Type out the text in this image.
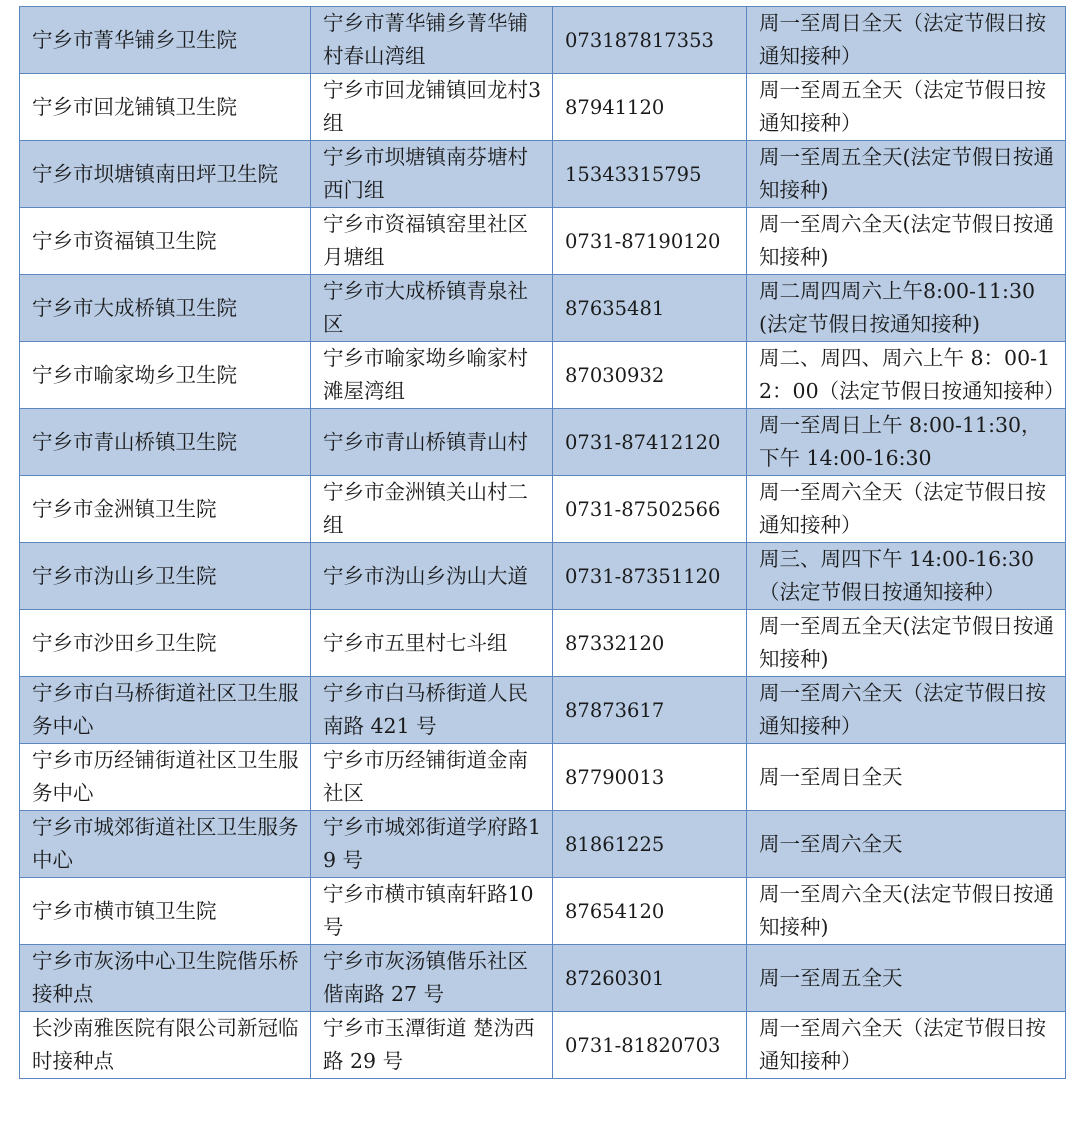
宁乡市菁华铺乡卫生院	宁乡市菁华铺乡菁华铺村春山湾组	073187817353	周一至周日全天（法定节假日按通知接种）
宁乡市回龙铺镇卫生院	宁乡市回龙铺镇回龙村3组	87941120	周一至周五全天（法定节假日按通知接种）
宁乡市坝塘镇南田坪卫生院	宁乡市坝塘镇南芬塘村西门组	15343315795	周一至周五全天(法定节假日按通知接种)
宁乡市资福镇卫生院	宁乡市资福镇窑里社区月塘组	0731-87190120	周一至周六全天(法定节假日按通知接种)
宁乡市大成桥镇卫生院	宁乡市大成桥镇青泉社区	87635481	周二周四周六上午8:00-11:30(法定节假日按通知接种)
宁乡市喻家坳乡卫生院	宁乡市喻家坳乡喻家村滩屋湾组	87030932	周二、周四、周六上午 8：00-12：00（法定节假日按通知接种）
宁乡市青山桥镇卫生院	宁乡市青山桥镇青山村	0731-87412120	周一至周日上午 8:00-11:30，下午 14:00-16:30
宁乡市金洲镇卫生院	宁乡市金洲镇关山村二组	0731-87502566	周一至周六全天（法定节假日按通知接种）
宁乡市沩山乡卫生院	宁乡市沩山乡沩山大道	0731-87351120	周三、周四下午 14:00-16:30（法定节假日按通知接种）
宁乡市沙田乡卫生院	宁乡市五里村七斗组	87332120	周一至周五全天(法定节假日按通知接种)
宁乡市白马桥街道社区卫生服务中心	宁乡市白马桥街道人民南路 421 号	87873617	周一至周六全天（法定节假日按通知接种）
宁乡市历经铺街道社区卫生服务中心	宁乡市历经铺街道金南社区	87790013	周一至周日全天
宁乡市城郊街道社区卫生服务中心	宁乡市城郊街道学府路19 号	81861225	周一至周六全天
宁乡市横市镇卫生院	宁乡市横市镇南轩路10 号	87654120	周一至周六全天(法定节假日按通知接种)
宁乡市灰汤中心卫生院偕乐桥接种点	宁乡市灰汤镇偕乐社区偕南路 27 号	87260301	周一至周五全天
长沙南雅医院有限公司新冠临时接种点	宁乡市玉潭街道 楚沩西路 29 号	0731-81820703	周一至周六全天（法定节假日按通知接种）
